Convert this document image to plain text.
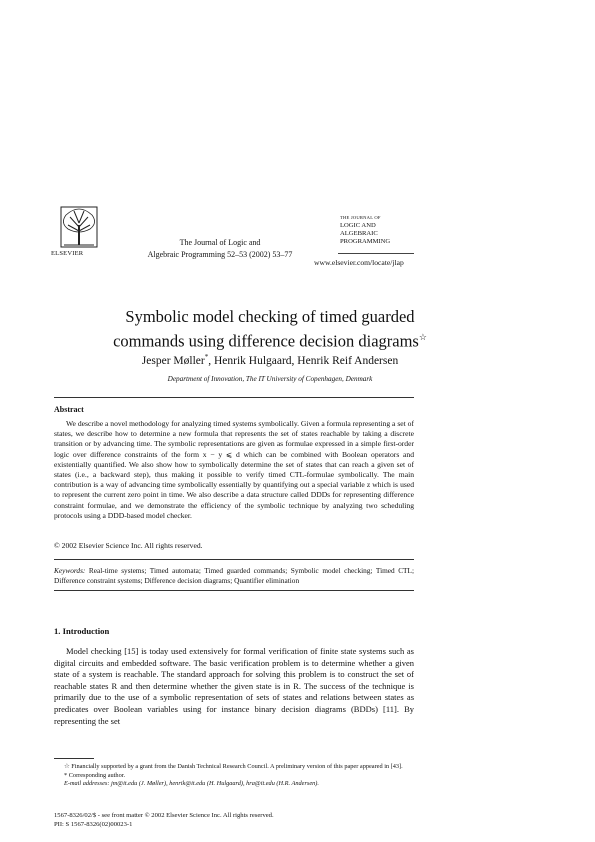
ELSEVIER
The Journal of Logic and
Algebraic Programming 52–53 (2002) 53–77
THE JOURNAL OF
LOGIC AND
ALGEBRAIC
PROGRAMMING
www.elsevier.com/locate/jlap
Symbolic model checking of timed guarded
commands using difference decision diagrams☆
Jesper Møller*, Henrik Hulgaard, Henrik Reif Andersen
Department of Innovation, The IT University of Copenhagen, Denmark
Abstract

We describe a novel methodology for analyzing timed systems symbolically. Given a formula representing a set of states, we describe how to determine a new formula that represents the set of states reachable by taking a discrete transition or by advancing time. The symbolic representations are given as formulae expressed in a simple first-order logic over difference constraints of the form x − y ⩽ d which can be combined with Boolean operators and existentially quantified. We also show how to symbolically determine the set of states that can reach a given set of states (i.e., a backward step), thus making it possible to verify timed CTL-formulae symbolically. The main contribution is a way of advancing time symbolically essentially by quantifying out a special variable z which is used to represent the current zero point in time. We also describe a data structure called DDDs for representing difference constraint formulae, and we demonstrate the efficiency of the symbolic technique by analyzing two scheduling protocols using a DDD-based model checker.

© 2002 Elsevier Science Inc. All rights reserved.
Keywords: Real-time systems; Timed automata; Timed guarded commands; Symbolic model checking; Timed CTL; Difference constraint systems; Difference decision diagrams; Quantifier elimination
1. Introduction

Model checking [15] is today used extensively for formal verification of finite state systems such as digital circuits and embedded software. The basic verification problem is to determine whether a given state of a system is reachable. The standard approach for solving this problem is to construct the set of reachable states R and then determine whether the given state is in R. The success of the technique is primarily due to the use of a symbolic representation of sets of states and relations between states as predicates over Boolean variables using for instance binary decision diagrams (BDDs) [11]. By representing the set

☆ Financially supported by a grant from the Danish Technical Research Council. A preliminary version of this paper appeared in [43].

* Corresponding author.

E-mail addresses: jm@it.edu (J. Møller), henrik@it.edu (H. Hulgaard), hra@it.edu (H.R. Andersen).

1567-8326/02/$ - see front matter © 2002 Elsevier Science Inc. All rights reserved.
PII: S 1567-8326(02)00023-1
